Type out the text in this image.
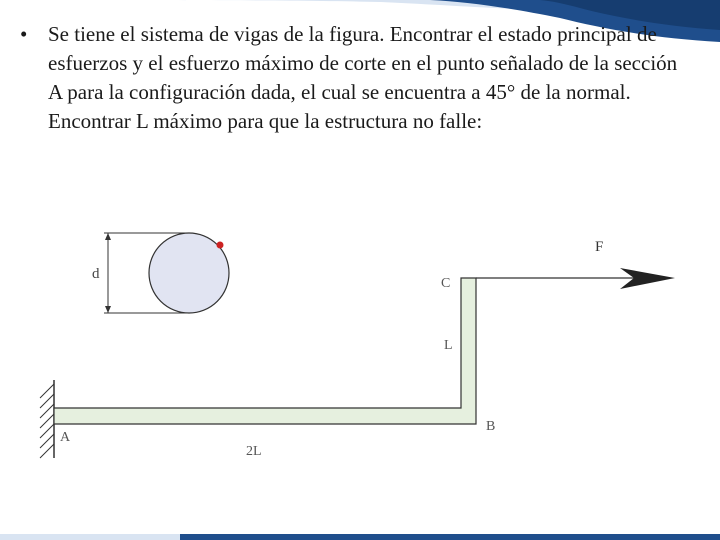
• Se tiene el sistema de vigas de la figura. Encontrar el estado principal de esfuerzos y el esfuerzo máximo de corte en el punto señalado de la sección A para la configuración dada, el cual se encuentra a 45° de la normal. Encontrar L máximo para que la estructura no falle:
d
F
C
L
A
B
2L
